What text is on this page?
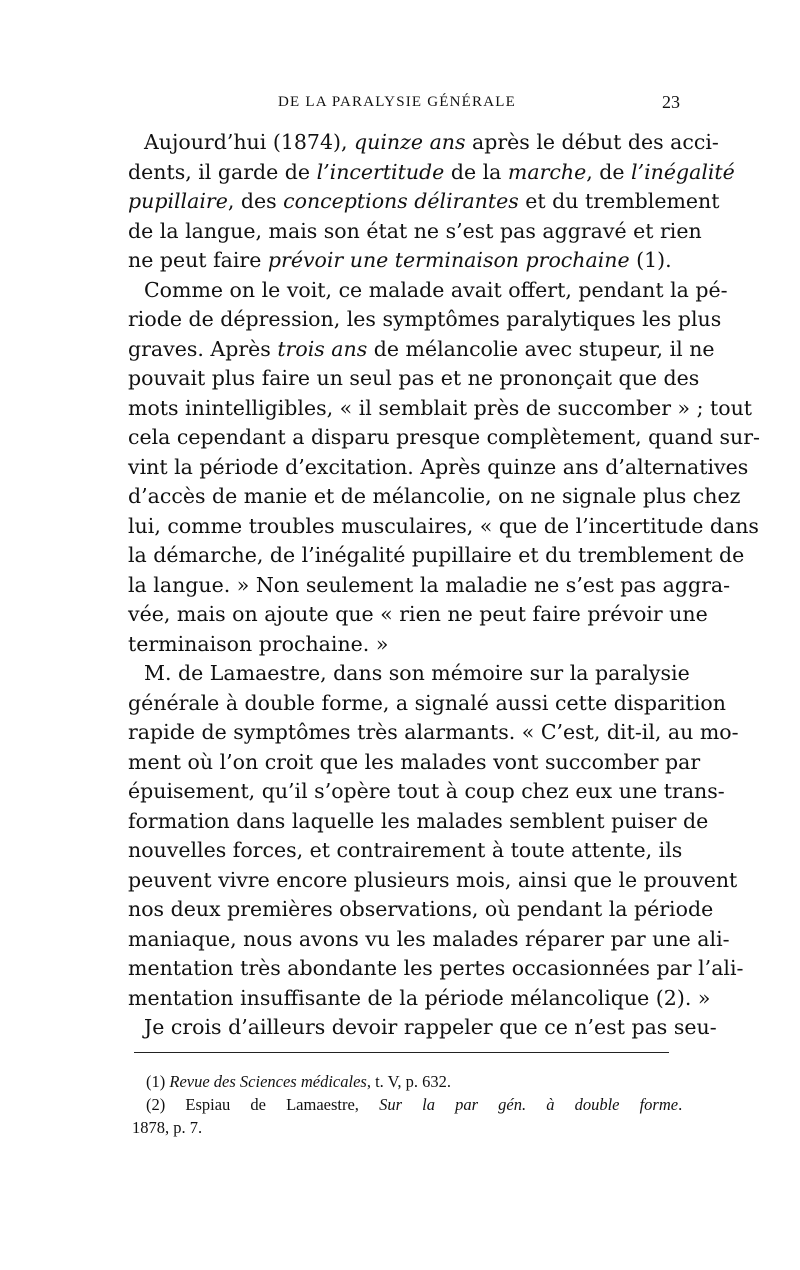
DE LA PARALYSIE GÉNÉRALE	23
Aujourd’hui (1874), quinze ans après le début des acci-
dents, il garde de l’incertitude de la marche, de l’inégalité
pupillaire, des conceptions délirantes et du tremblement
de la langue, mais son état ne s’est pas aggravé et rien
ne peut faire prévoir une terminaison prochaine (1).
Comme on le voit, ce malade avait offert, pendant la pé-
riode de dépression, les symptômes paralytiques les plus
graves. Après trois ans de mélancolie avec stupeur, il ne
pouvait plus faire un seul pas et ne prononçait que des
mots inintelligibles, « il semblait près de succomber » ; tout
cela cependant a disparu presque complètement, quand sur-
vint la période d’excitation. Après quinze ans d’alternatives
d’accès de manie et de mélancolie, on ne signale plus chez
lui, comme troubles musculaires, « que de l’incertitude dans
la démarche, de l’inégalité pupillaire et du tremblement de
la langue. » Non seulement la maladie ne s’est pas aggra-
vée, mais on ajoute que « rien ne peut faire prévoir une
terminaison prochaine. »
M. de Lamaestre, dans son mémoire sur la paralysie
générale à double forme, a signalé aussi cette disparition
rapide de symptômes très alarmants. « C’est, dit-il, au mo-
ment où l’on croit que les malades vont succomber par
épuisement, qu’il s’opère tout à coup chez eux une trans-
formation dans laquelle les malades semblent puiser de
nouvelles forces, et contrairement à toute attente, ils
peuvent vivre encore plusieurs mois, ainsi que le prouvent
nos deux premières observations, où pendant la période
maniaque, nous avons vu les malades réparer par une ali-
mentation très abondante les pertes occasionnées par l’ali-
mentation insuffisante de la période mélancolique (2). »
Je crois d’ailleurs devoir rappeler que ce n’est pas seu-
(1) Revue des Sciences médicales, t. V, p. 632.
(2) Espiau de Lamaestre, Sur la par gén. à double forme.
1878, p. 7.
